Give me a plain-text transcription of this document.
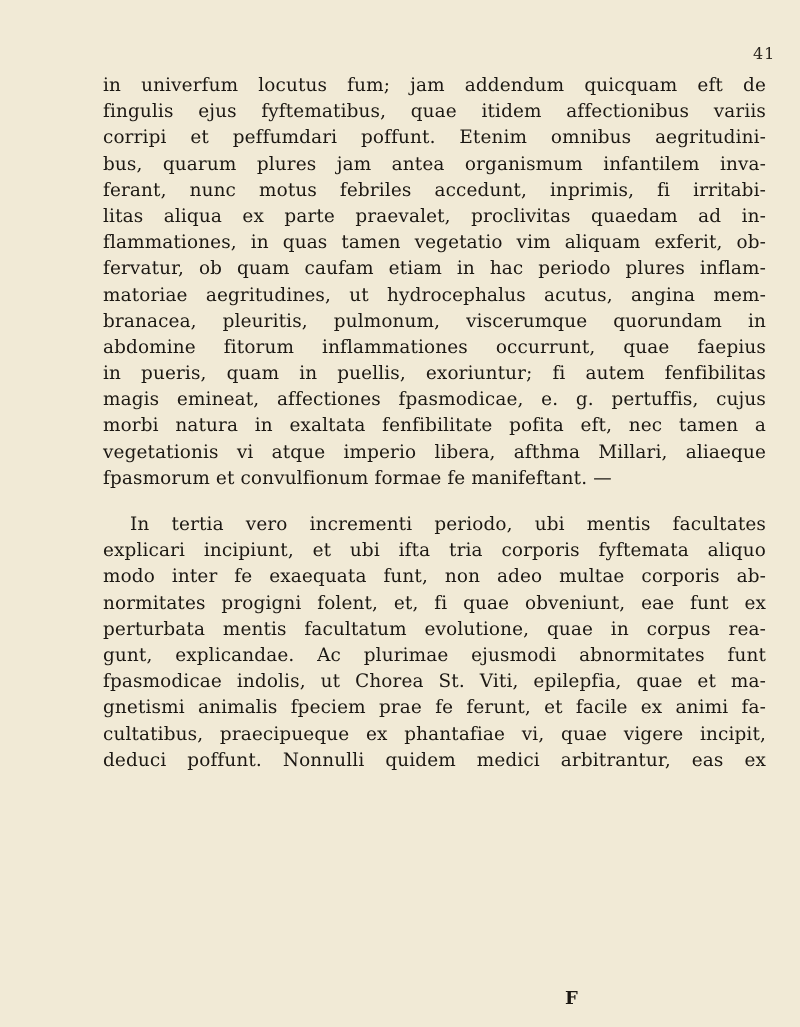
41
in univerfum locutus fum; jam addendum quicquam eft de
fingulis ejus fyftematibus, quae itidem affectionibus variis
corripi et peffumdari poffunt. Etenim omnibus aegritudini-
bus, quarum plures jam antea organismum infantilem inva-
ferant, nunc motus febriles accedunt, inprimis, fi irritabi-
litas aliqua ex parte praevalet, proclivitas quaedam ad in-
flammationes, in quas tamen vegetatio vim aliquam exferit, ob-
fervatur, ob quam caufam etiam in hac periodo plures inflam-
matoriae aegritudines, ut hydrocephalus acutus, angina mem-
branacea, pleuritis, pulmonum, viscerumque quorundam in
abdomine fitorum inflammationes occurrunt, quae faepius
in pueris, quam in puellis, exoriuntur; fi autem fenfibilitas
magis emineat, affectiones fpasmodicae, e. g. pertuffis, cujus
morbi natura in exaltata fenfibilitate pofita eft, nec tamen a
vegetationis vi atque imperio libera, afthma Millari, aliaeque
fpasmorum et convulfionum formae fe manifeftant. —
In tertia vero incrementi periodo, ubi mentis facultates
explicari incipiunt, et ubi ifta tria corporis fyftemata aliquo
modo inter fe exaequata funt, non adeo multae corporis ab-
normitates progigni folent, et, fi quae obveniunt, eae funt ex
perturbata mentis facultatum evolutione, quae in corpus rea-
gunt, explicandae. Ac plurimae ejusmodi abnormitates funt
fpasmodicae indolis, ut Chorea St. Viti, epilepfia, quae et ma-
gnetismi animalis fpeciem prae fe ferunt, et facile ex animi fa-
cultatibus, praecipueque ex phantafiae vi, quae vigere incipit,
deduci poffunt. Nonnulli quidem medici arbitrantur, eas ex
F
